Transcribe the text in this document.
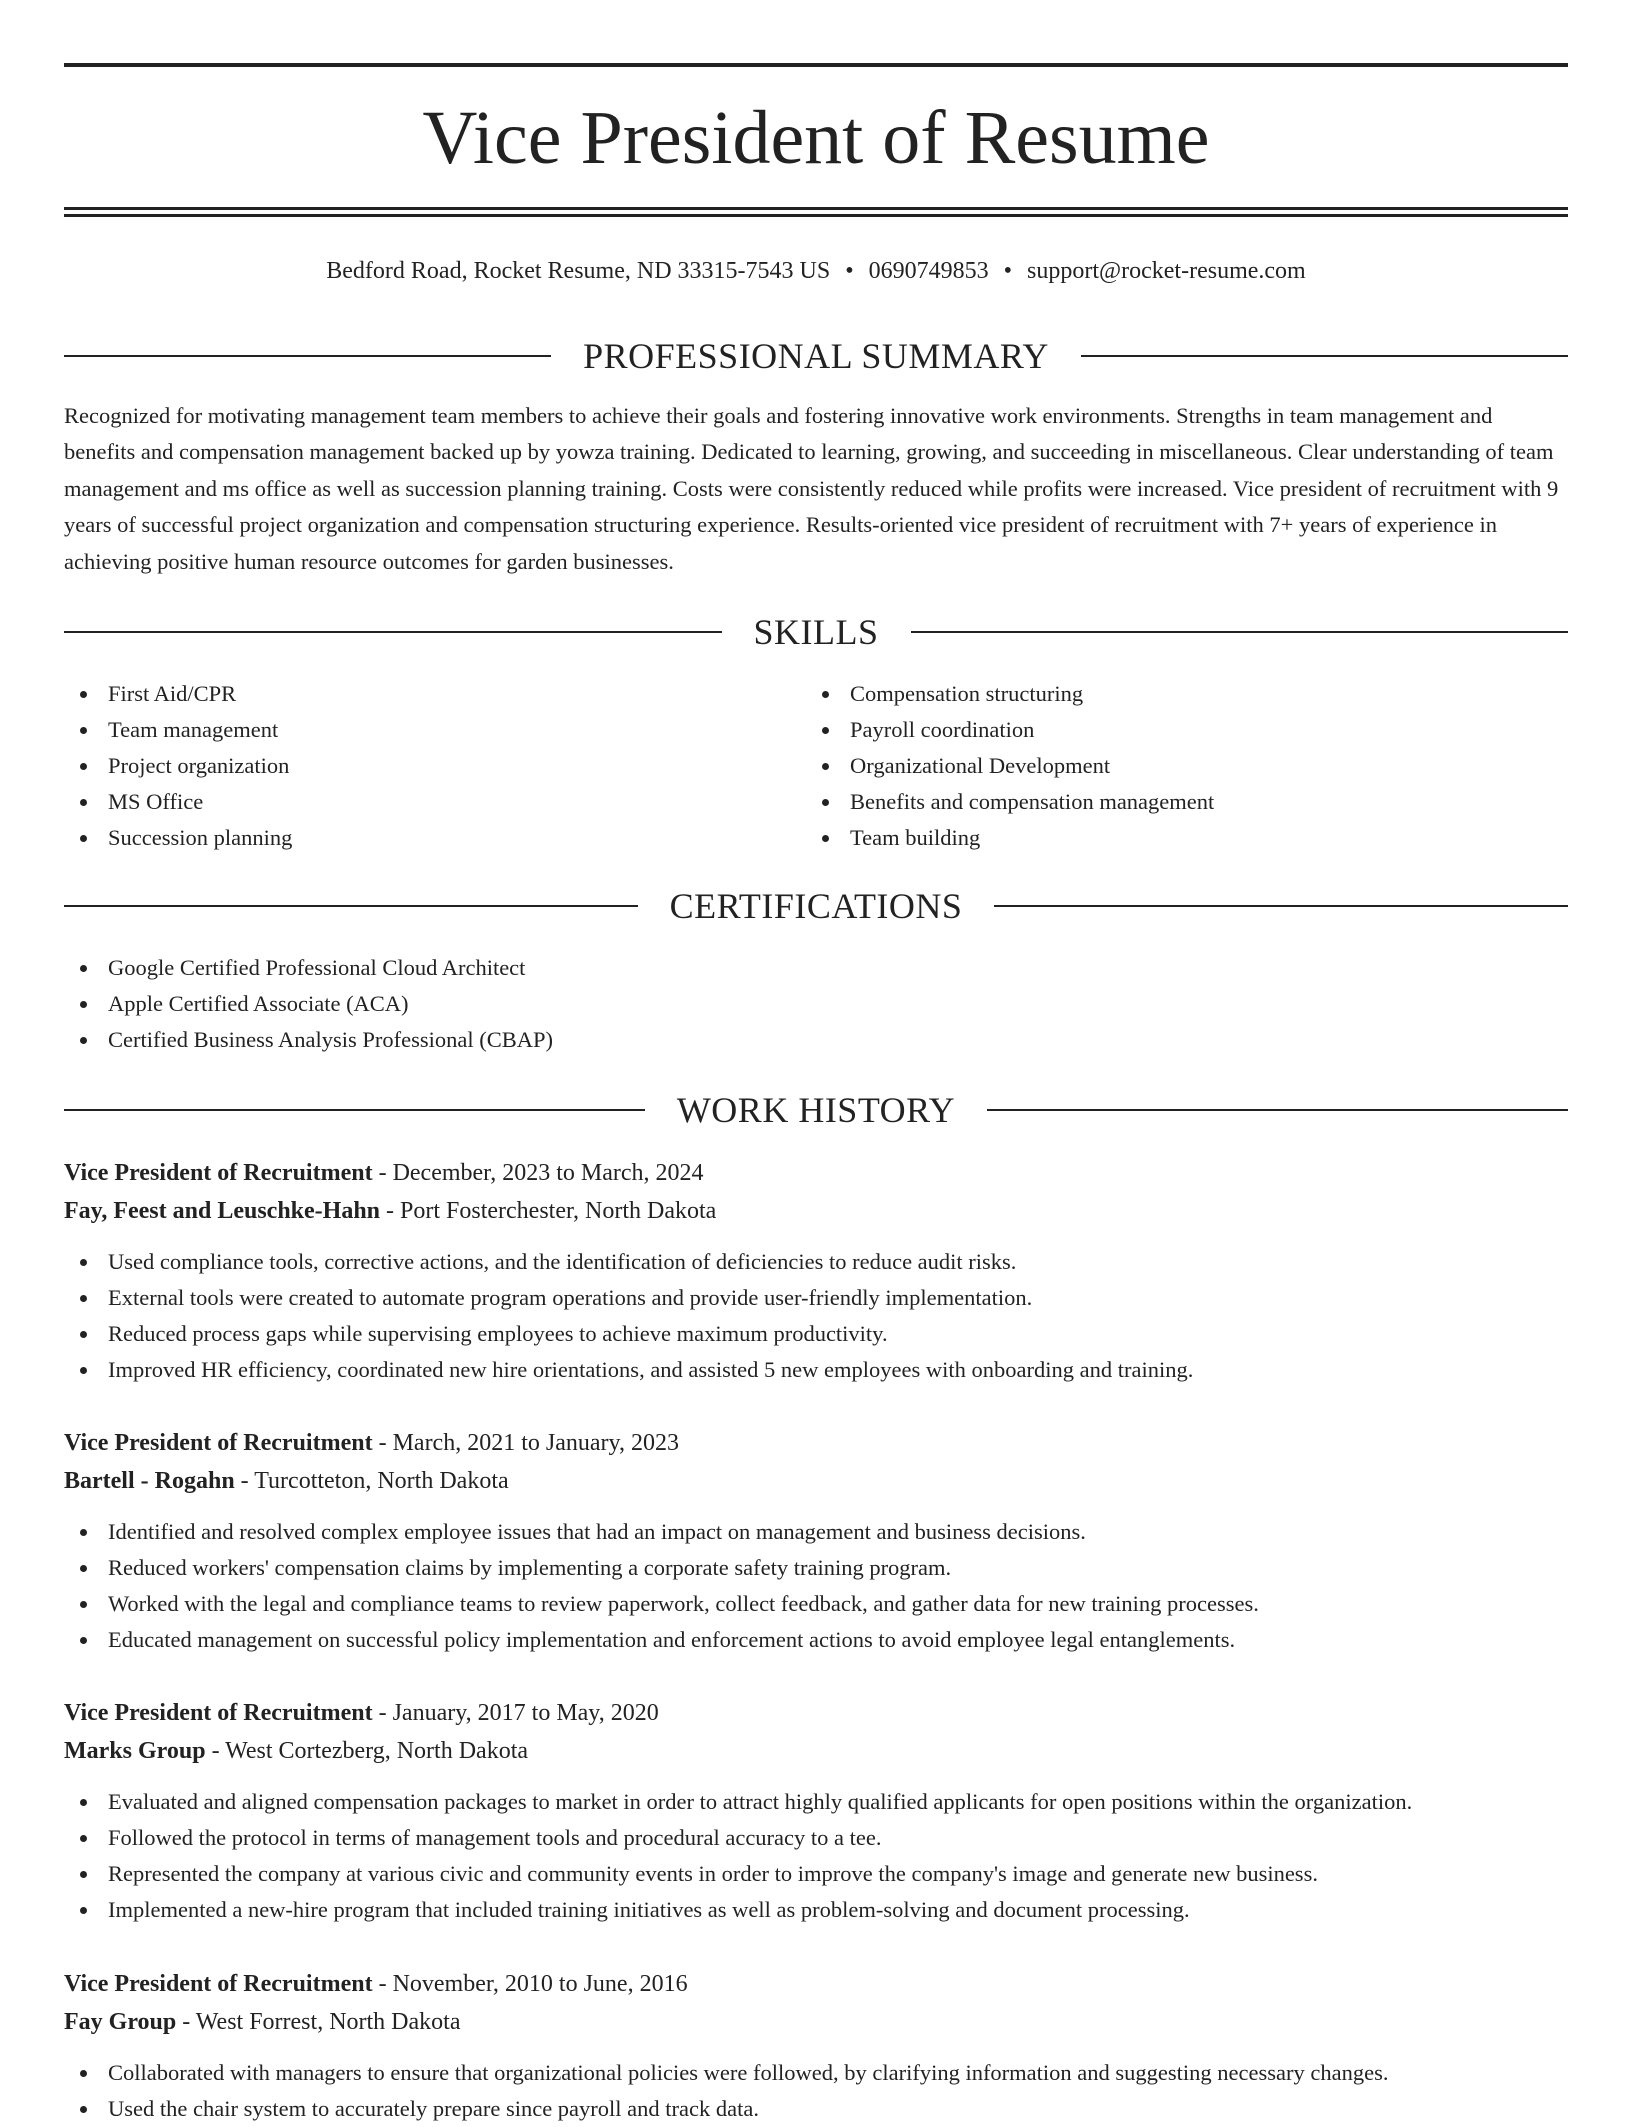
Vice President of Resume
Bedford Road, Rocket Resume, ND 33315-7543 US • 0690749853 • support@rocket-resume.com
PROFESSIONAL SUMMARY

Recognized for motivating management team members to achieve their goals and fostering innovative work environments. Strengths in team management and benefits and compensation management backed up by yowza training. Dedicated to learning, growing, and succeeding in miscellaneous. Clear understanding of team management and ms office as well as succession planning training. Costs were consistently reduced while profits were increased. Vice president of recruitment with 9 years of successful project organization and compensation structuring experience. Results-oriented vice president of recruitment with 7+ years of experience in achieving positive human resource outcomes for garden businesses.

SKILLS
First Aid/CPR
Team management
Project organization
MS Office
Succession planning
Compensation structuring
Payroll coordination
Organizational Development
Benefits and compensation management
Team building
CERTIFICATIONS
Google Certified Professional Cloud Architect
Apple Certified Associate (ACA)
Certified Business Analysis Professional (CBAP)
WORK HISTORY
Vice President of Recruitment - December, 2023 to March, 2024
Fay, Feest and Leuschke-Hahn - Port Fosterchester, North Dakota
Used compliance tools, corrective actions, and the identification of deficiencies to reduce audit risks.
External tools were created to automate program operations and provide user-friendly implementation.
Reduced process gaps while supervising employees to achieve maximum productivity.
Improved HR efficiency, coordinated new hire orientations, and assisted 5 new employees with onboarding and training.
Vice President of Recruitment - March, 2021 to January, 2023
Bartell - Rogahn - Turcotteton, North Dakota
Identified and resolved complex employee issues that had an impact on management and business decisions.
Reduced workers' compensation claims by implementing a corporate safety training program.
Worked with the legal and compliance teams to review paperwork, collect feedback, and gather data for new training processes.
Educated management on successful policy implementation and enforcement actions to avoid employee legal entanglements.
Vice President of Recruitment - January, 2017 to May, 2020
Marks Group - West Cortezberg, North Dakota
Evaluated and aligned compensation packages to market in order to attract highly qualified applicants for open positions within the organization.
Followed the protocol in terms of management tools and procedural accuracy to a tee.
Represented the company at various civic and community events in order to improve the company's image and generate new business.
Implemented a new-hire program that included training initiatives as well as problem-solving and document processing.
Vice President of Recruitment - November, 2010 to June, 2016
Fay Group - West Forrest, North Dakota
Collaborated with managers to ensure that organizational policies were followed, by clarifying information and suggesting necessary changes.
Used the chair system to accurately prepare since payroll and track data.
